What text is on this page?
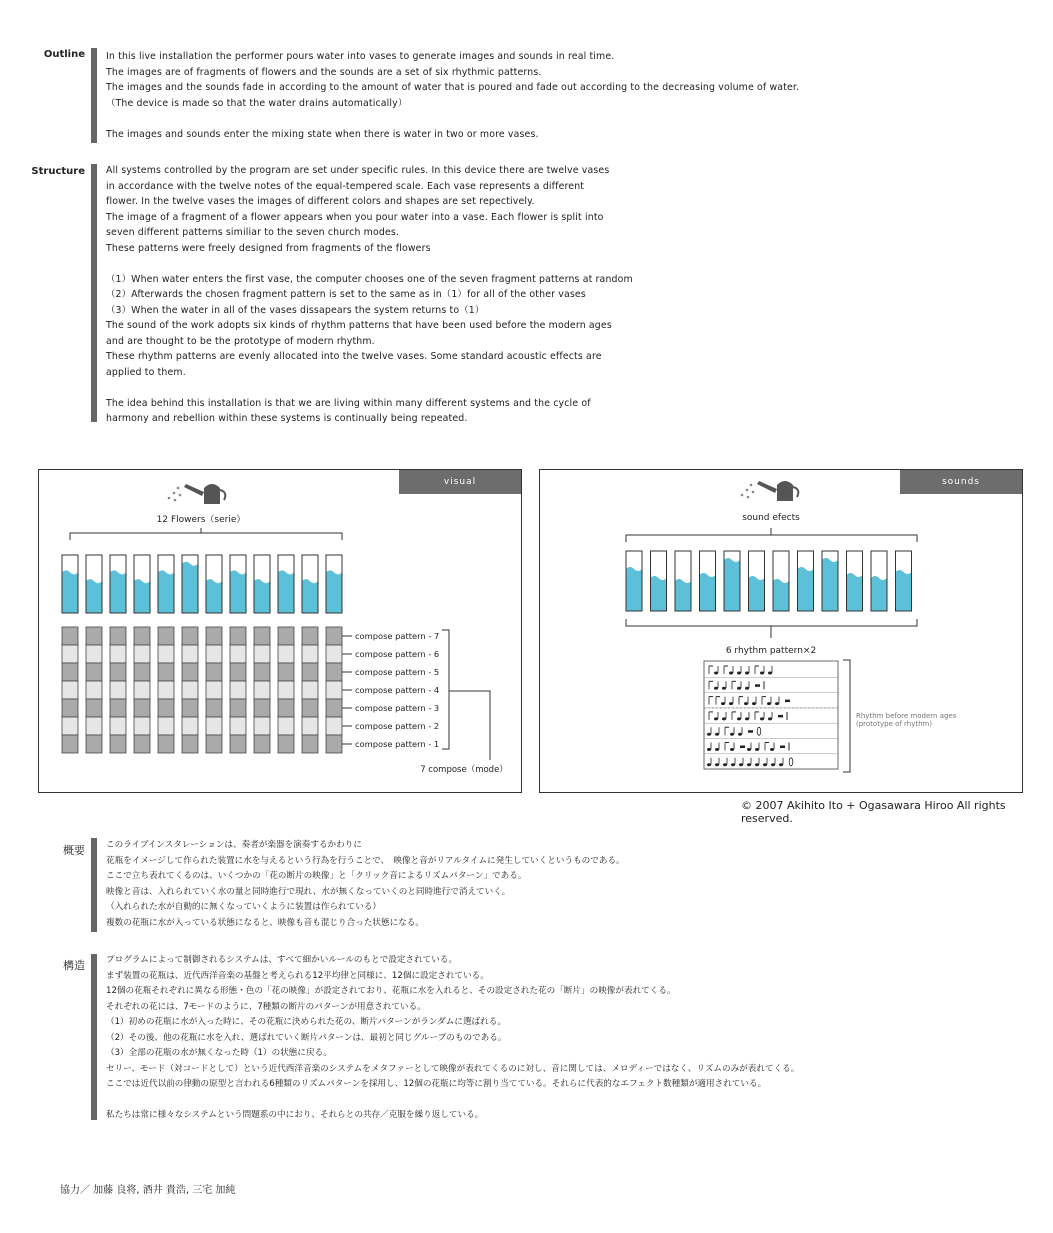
Outline In this live installation the performer pours water into vases to generate images and sounds in real time.
The images are of fragments of flowers and the sounds are a set of six rhythmic patterns.
The images and the sounds fade in according to the amount of water that is poured and fade out according to the decreasing volume of water.
（The device is made so that the water drains automatically）
The images and sounds enter the mixing state when there is water in two or more vases.
Structure All systems controlled by the program are set under specific rules. In this device there are twelve vases
in accordance with the twelve notes of the equal-tempered scale. Each vase represents a different
flower. In the twelve vases the images of different colors and shapes are set repectively.
The image of a fragment of a flower appears when you pour water into a vase. Each flower is split into
seven different patterns similiar to the seven church modes.
These patterns were freely designed from fragments of the flowers
（1）When water enters the first vase, the computer chooses one of the seven fragment patterns at random
（2）Afterwards the chosen fragment pattern is set to the same as in（1）for all of the other vases
（3）When the water in all of the vases dissapears the system returns to（1）
The sound of the work adopts six kinds of rhythm patterns that have been used before the modern ages
and are thought to be the prototype of modern rhythm.
These rhythm patterns are evenly allocated into the twelve vases. Some standard acoustic effects are
applied to them.
The idea behind this installation is that we are living within many different systems and the cycle of
harmony and rebellion within these systems is continually being repeated.
visual
12 Flowers（serie）
compose pattern - 7
compose pattern - 6
compose pattern - 5
compose pattern - 4
compose pattern - 3
compose pattern - 2
compose pattern - 1
7 compose（mode）
sounds
sound efects
6 rhythm pattern×2
Rhythm before modern ages
(prototype of rhythm)
© 2007 Akihito Ito + Ogasawara Hiroo All rights reserved.
概要 このライブインスタレーションは、奏者が楽器を演奏するかわりに
花瓶をイメージして作られた装置に水を与えるという行為を行うことで、　映像と音がリアルタイムに発生していくというものである。
ここで立ち表れてくるのは、いくつかの「花の断片の映像」と「クリック音によるリズムパターン」である。
映像と音は、入れられていく水の量と同時進行で現れ、水が無くなっていくのと同時進行で消えていく。
（入れられた水が自動的に無くなっていくように装置は作られている）
複数の花瓶に水が入っている状態になると、映像も音も混じり合った状態になる。
構造 プログラムによって制御されるシステムは、すべて細かいルールのもとで設定されている。
まず装置の花瓶は、近代西洋音楽の基盤と考えられる12平均律と同様に、12個に設定されている。
12個の花瓶それぞれに異なる形態・色の「花の映像」が設定されており、花瓶に水を入れると、その設定された花の「断片」の映像が表れてくる。
それぞれの花には、7モードのように、7種類の断片のパターンが用意されている。
（1）初めの花瓶に水が入った時に、その花瓶に決められた花の、断片パターンがランダムに選ばれる。
（2）その後、他の花瓶に水を入れ、選ばれていく断片パターンは、最初と同じグループのものである。
（3）全部の花瓶の水が無くなった時（1）の状態に戻る。
セリー、モード（対コードとして）という近代西洋音楽のシステムをメタファーとして映像が表れてくるのに対し、音に関しては、メロディーではなく、リズムのみが表れてくる。
ここでは近代以前の律動の原型と言われる6種類のリズムパターンを採用し、12個の花瓶に均等に割り当てている。それらに代表的なエフェクト数種類が適用されている。
私たちは常に様々なシステムという問題系の中におり、それらとの共存／克服を繰り返している。
協力／ 加藤 良将, 酒井 貴浩, 三宅 加純
